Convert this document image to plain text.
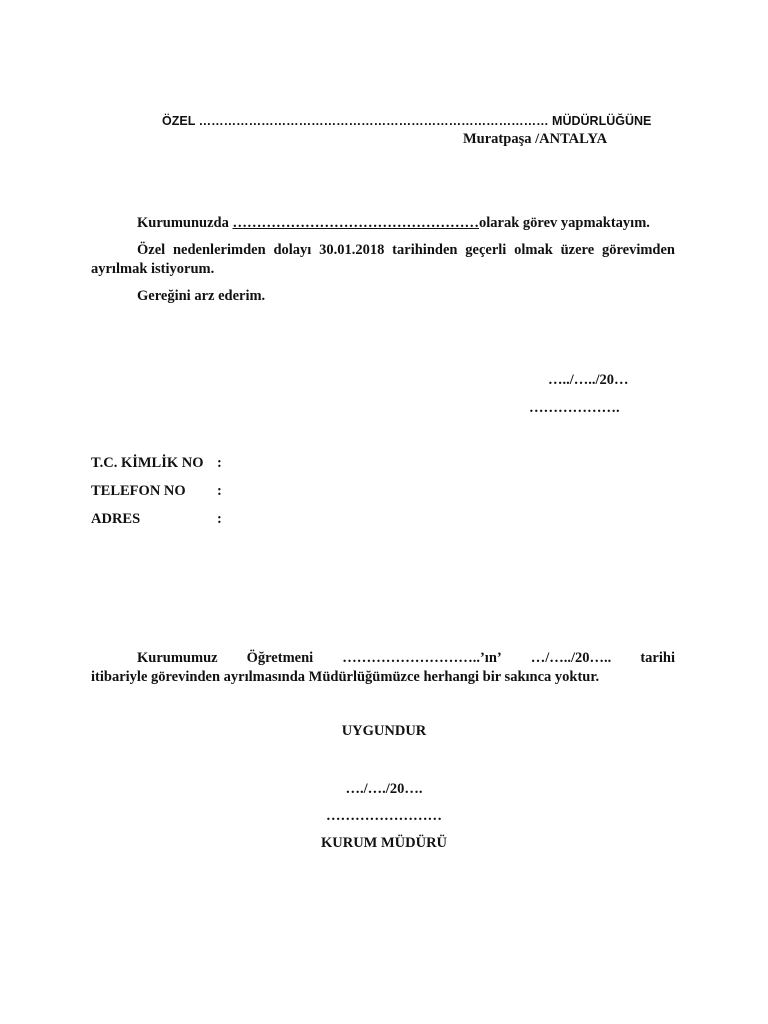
ÖZEL ………………………………………………………………………… MÜDÜRLÜĞÜNE
Muratpaşa /ANTALYA
Kurumunuzda ……………………………………………olarak görev yapmaktayım.
Özel nedenlerimden dolayı 30.01.2018 tarihinden geçerli olmak üzere görevimden ayrılmak istiyorum.
Gereğini arz ederim.
…../…../20…
……………….
T.C. KİMLİK NO :
TELEFON NO :
ADRES	:
Kurumumuz Öğretmeni ………………………..’ın’ …/…../20….. tarihi
itibariyle görevinden ayrılmasında Müdürlüğümüzce herhangi bir sakınca yoktur.
UYGUNDUR
…./…./20….
……………………
KURUM MÜDÜRÜ
